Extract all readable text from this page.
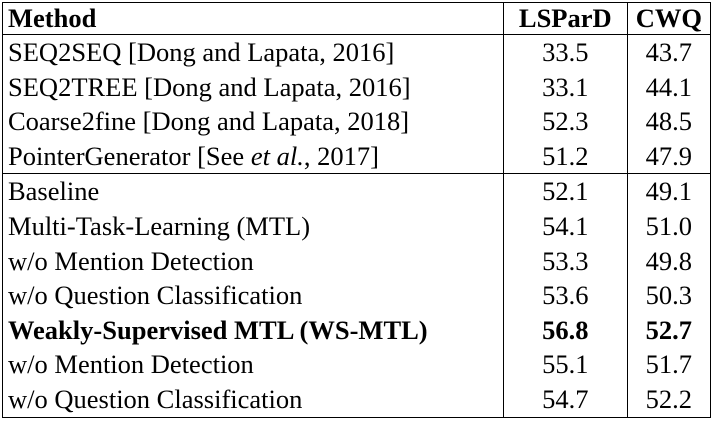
Method	LSParD	CWQ
SEQ2SEQ [Dong and Lapata, 2016]	33.5	43.7
SEQ2TREE [Dong and Lapata, 2016]	33.1	44.1
Coarse2fine [Dong and Lapata, 2018]	52.3	48.5
PointerGenerator [See et al., 2017]	51.2	47.9
Baseline	52.1	49.1
Multi-Task-Learning (MTL)	54.1	51.0
w/o Mention Detection	53.3	49.8
w/o Question Classification	53.6	50.3
Weakly-Supervised MTL (WS-MTL)	56.8	52.7
w/o Mention Detection	55.1	51.7
w/o Question Classification	54.7	52.2
